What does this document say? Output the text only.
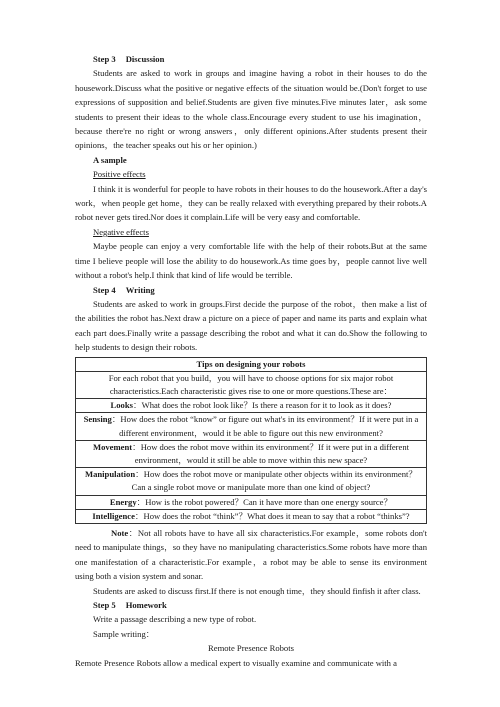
Step 3 Discussion

Students are asked to work in groups and imagine having a robot in their houses to do the housework.Discuss what the positive or negative effects of the situation would be.(Don't forget to use expressions of supposition and belief.Students are given five minutes.Five minutes later，ask some students to present their ideas to the whole class.Encourage every student to use his imagination，because there're no right or wrong answers，only different opinions.After students present their opinions，the teacher speaks out his or her opinion.)

A sample

Positive effects

I think it is wonderful for people to have robots in their houses to do the housework.After a day's work，when people get home，they can be really relaxed with everything prepared by their robots.A robot never gets tired.Nor does it complain.Life will be very easy and comfortable.

Negative effects

Maybe people can enjoy a very comfortable life with the help of their robots.But at the same time I believe people will lose the ability to do housework.As time goes by，people cannot live well without a robot's help.I think that kind of life would be terrible.

Step 4 Writing

Students are asked to work in groups.First decide the purpose of the robot，then make a list of the abilities the robot has.Next draw a picture on a piece of paper and name its parts and explain what each part does.Finally write a passage describing the robot and what it can do.Show the following to help students to design their robots.

Tips on designing your robots
For each robot that you build，you will have to choose options for six major robot characteristics.Each characteristic gives rise to one or more questions.These are：
Looks：What does the robot look like？Is there a reason for it to look as it does?
Sensing：How does the robot “know” or figure out what's in its environment？If it were put in a different environment，would it be able to figure out this new environment?
Movement：How does the robot move within its environment？If it were put in a different environment，would it still be able to move within this new space?
Manipulation：How does the robot move or manipulate other objects within its environment？Can a single robot move or manipulate more than one kind of object?
Energy：How is the robot powered？Can it have more than one energy source？
Intelligence：How does the robot “think”？What does it mean to say that a robot “thinks”?

Note：Not all robots have to have all six characteristics.For example，some robots don't need to manipulate things，so they have no manipulating characteristics.Some robots have more than one manifestation of a characteristic.For example，a robot may be able to sense its environment using both a vision system and sonar.

Students are asked to discuss first.If there is not enough time，they should finfish it after class.

Step 5 Homework

Write a passage describing a new type of robot.

Sample writing：

Remote Presence Robots

Remote Presence Robots allow a medical expert to visually examine and communicate with a
